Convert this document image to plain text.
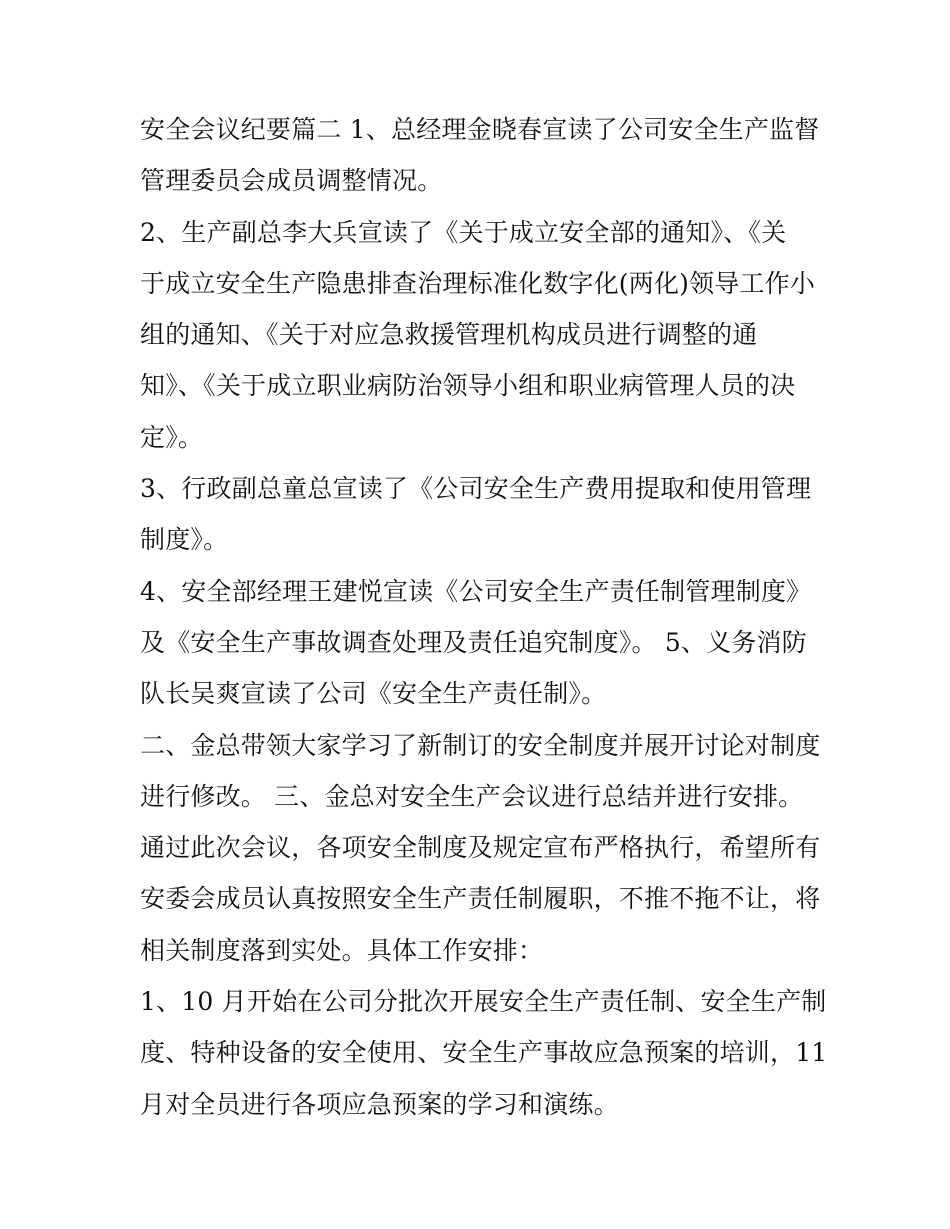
安全会议纪要篇二 1、总经理金晓春宣读了公司安全生产监督
管理委员会成员调整情况。
2、生产副总李大兵宣读了《关于成立安全部的通知》、《关
于成立安全生产隐患排查治理标准化数字化(两化)领导工作小
组的通知、《关于对应急救援管理机构成员进行调整的通
知》、《关于成立职业病防治领导小组和职业病管理人员的决
定》。
3、行政副总童总宣读了《公司安全生产费用提取和使用管理
制度》。
4、安全部经理王建悦宣读《公司安全生产责任制管理制度》
及《安全生产事故调查处理及责任追究制度》。 5、义务消防
队长吴爽宣读了公司《安全生产责任制》。
二、金总带领大家学习了新制订的安全制度并展开讨论对制度
进行修改。 三、金总对安全生产会议进行总结并进行安排。
通过此次会议，各项安全制度及规定宣布严格执行，希望所有
安委会成员认真按照安全生产责任制履职，不推不拖不让，将
相关制度落到实处。具体工作安排：
1、10 月开始在公司分批次开展安全生产责任制、安全生产制
度、特种设备的安全使用、安全生产事故应急预案的培训，11
月对全员进行各项应急预案的学习和演练。
